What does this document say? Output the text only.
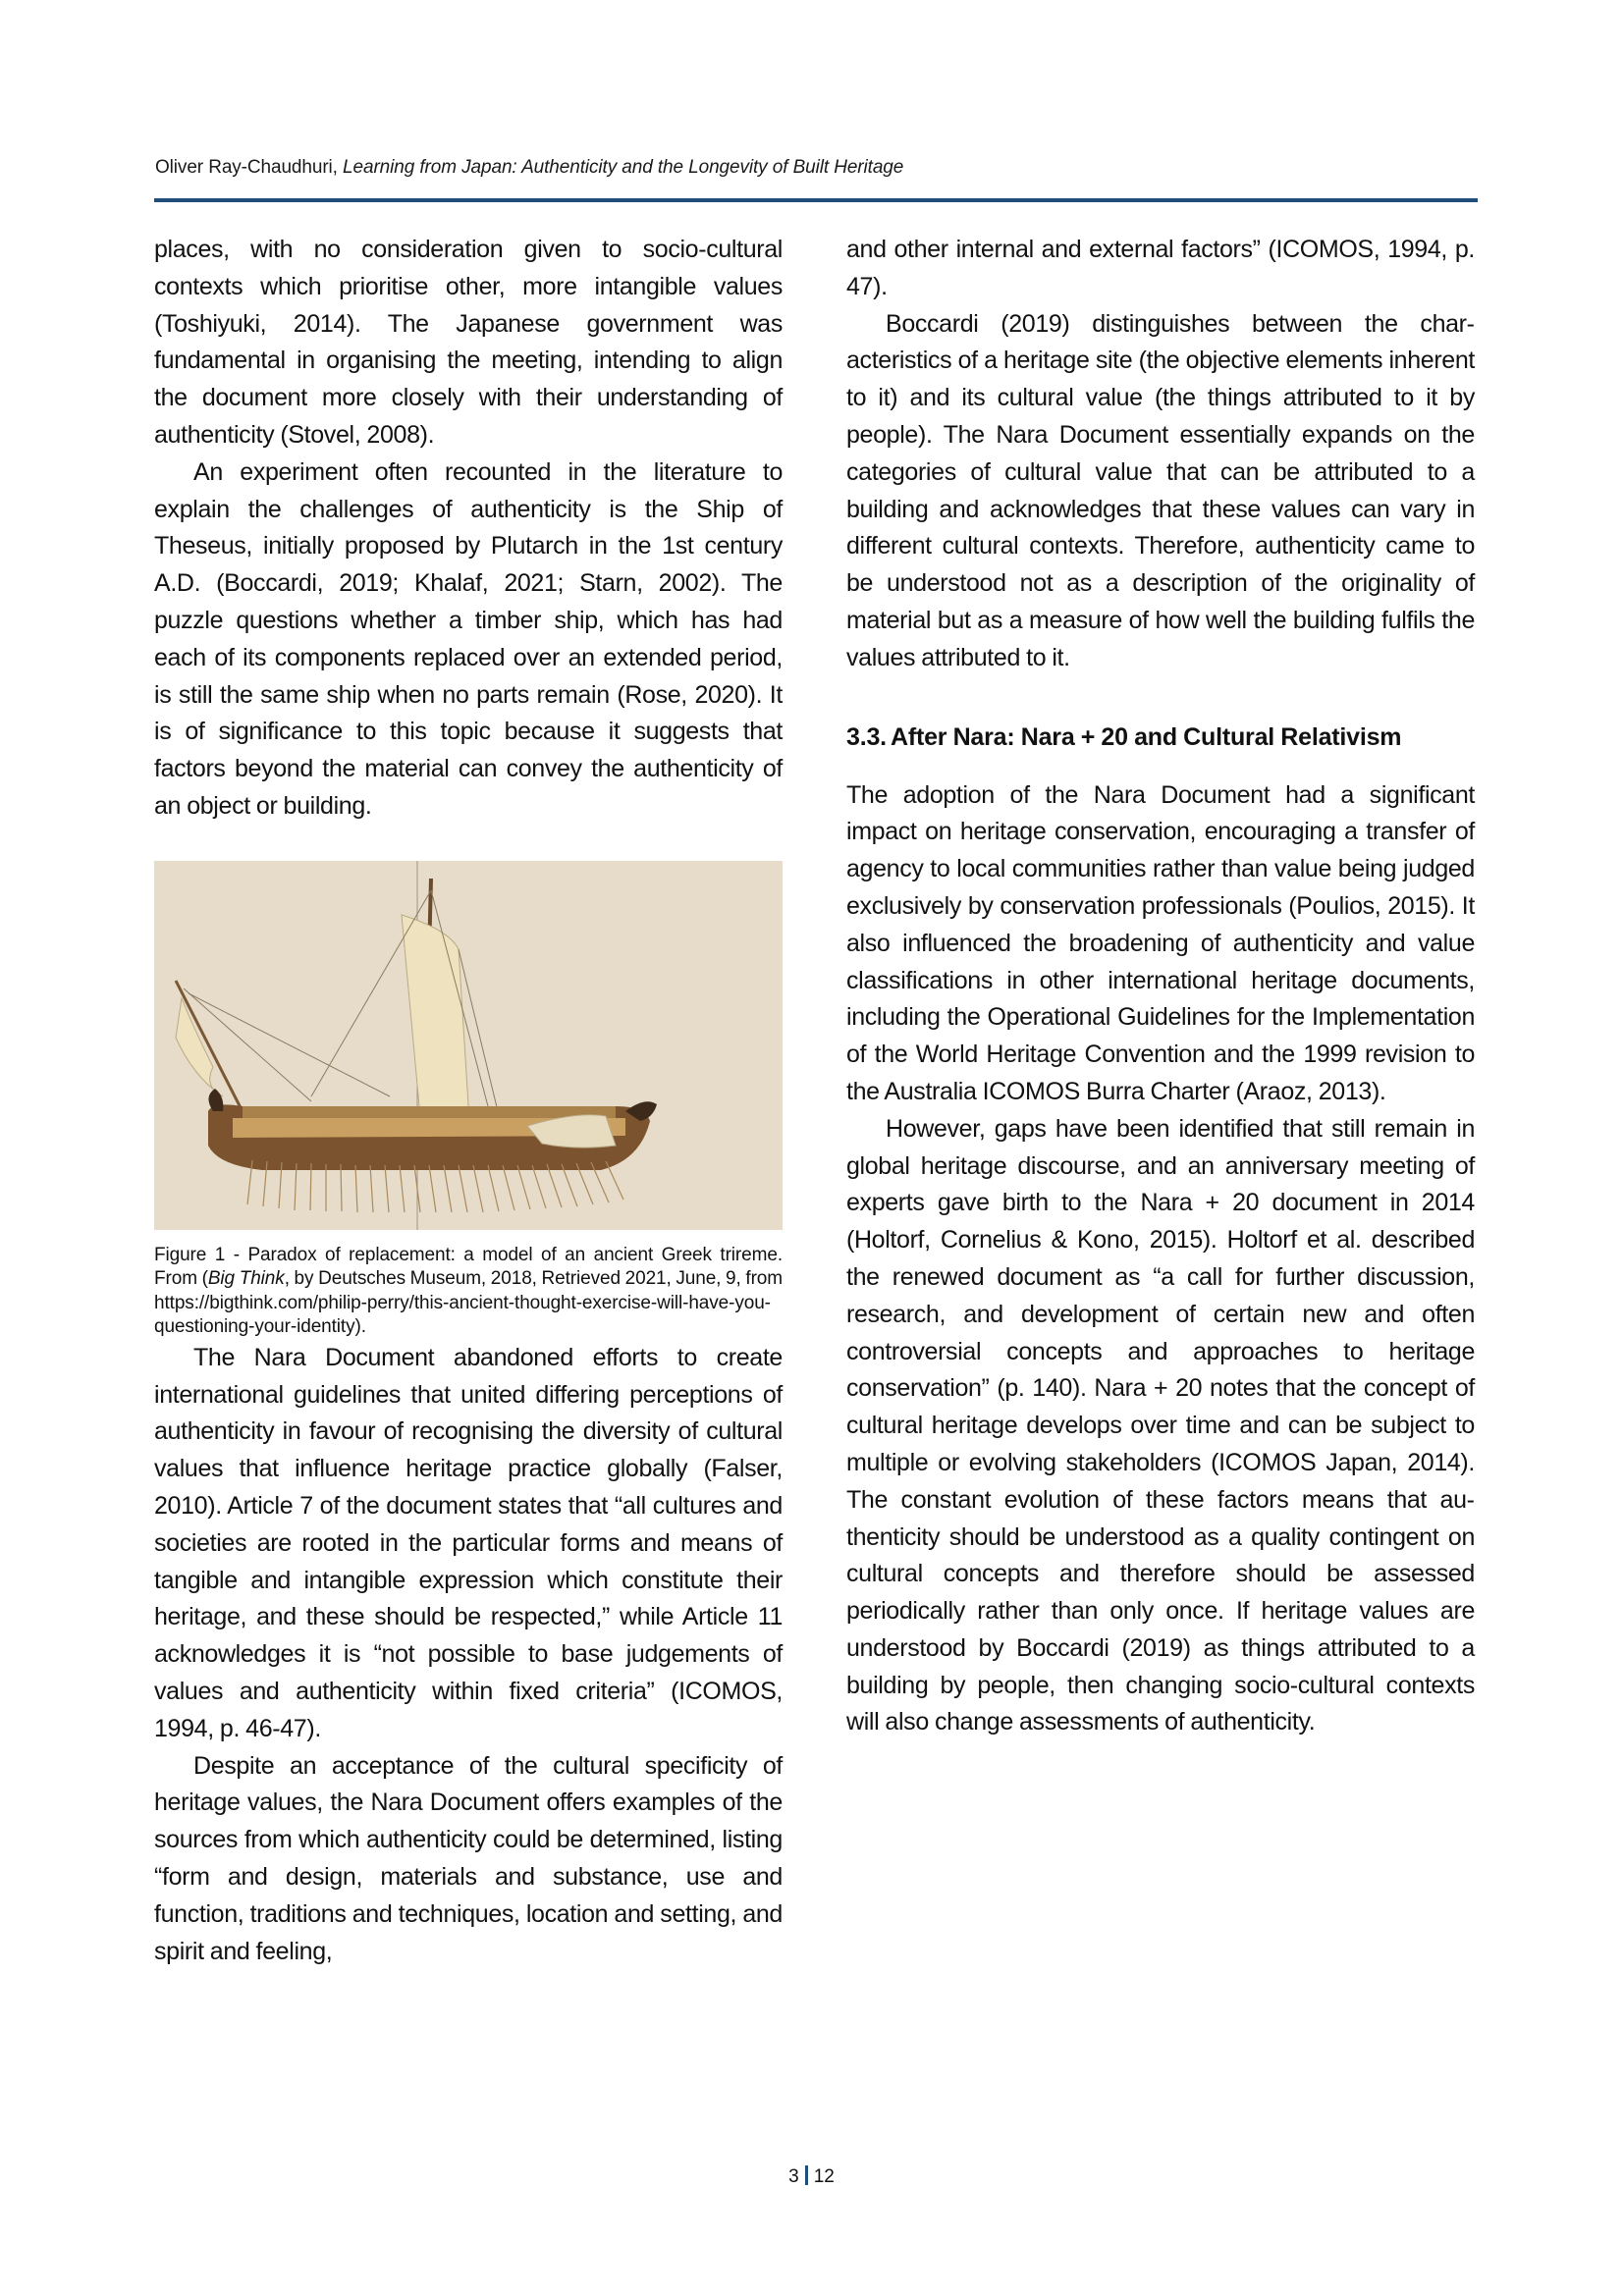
Oliver Ray-Chaudhuri, Learning from Japan: Authenticity and the Longevity of Built Heritage

places, with no consideration given to socio-cultural contexts which prioritise other, more intangible values (Toshiyuki, 2014). The Japanese government was fundamental in organising the meeting, intending to align the document more closely with their understanding of authenticity (Stovel, 2008).

An experiment often recounted in the literature to explain the challenges of authenticity is the Ship of Theseus, initially proposed by Plutarch in the 1st century A.D. (Boccardi, 2019; Khalaf, 2021; Starn, 2002). The puzzle questions whether a timber ship, which has had each of its components replaced over an extended period, is still the same ship when no parts remain (Rose, 2020). It is of significance to this topic because it suggests that factors beyond the material can convey the authenticity of an object or building.

Figure 1 - Paradox of replacement: a model of an ancient Greek trireme. From (Big Think, by Deutsches Museum, 2018, Retrieved 2021, June, 9, from https://bigthink.com/philip-perry/this-ancient-thought-exercise-will-have-you-questioning-your-identity).

The Nara Document abandoned efforts to create international guidelines that united differing perceptions of authenticity in favour of recognising the diversity of cultural values that influence heritage practice globally (Falser, 2010). Article 7 of the document states that “all cultures and societies are rooted in the particular forms and means of tangible and intangible expression which constitute their heritage, and these should be respected,” while Article 11 acknowledges it is “not possible to base judgements of values and authenticity within fixed criteria” (ICOMOS, 1994, p. 46-47).

Despite an acceptance of the cultural specificity of heritage values, the Nara Document offers examples of the sources from which authenticity could be determined, listing “form and design, materials and substance, use and function, traditions and techniques, location and setting, and spirit and feeling,

and other internal and external factors” (ICOMOS, 1994, p. 47).

Boccardi (2019) distinguishes between the characteristics of a heritage site (the objective elements inherent to it) and its cultural value (the things attributed to it by people). The Nara Document essentially expands on the categories of cultural value that can be attributed to a building and acknowledges that these values can vary in different cultural contexts. Therefore, authenticity came to be understood not as a description of the originality of material but as a measure of how well the building fulfils the values attributed to it.

3.3. After Nara: Nara + 20 and Cultural Relativism

The adoption of the Nara Document had a significant impact on heritage conservation, encouraging a transfer of agency to local communities rather than value being judged exclusively by conservation professionals (Poulios, 2015). It also influenced the broadening of authenticity and value classifications in other international heritage documents, including the Operational Guidelines for the Implementation of the World Heritage Convention and the 1999 revision to the Australia ICOMOS Burra Charter (Araoz, 2013).

However, gaps have been identified that still remain in global heritage discourse, and an anniversary meeting of experts gave birth to the Nara + 20 document in 2014 (Holtorf, Cornelius & Kono, 2015). Holtorf et al. described the renewed document as “a call for further discussion, research, and development of certain new and often controversial concepts and approaches to heritage conservation” (p. 140). Nara + 20 notes that the concept of cultural heritage develops over time and can be subject to multiple or evolving stakeholders (ICOMOS Japan, 2014). The constant evolution of these factors means that authenticity should be understood as a quality contingent on cultural concepts and therefore should be assessed periodically rather than only once. If heritage values are understood by Boccardi (2019) as things attributed to a building by people, then changing socio-cultural contexts will also change assessments of authenticity.

3 12
